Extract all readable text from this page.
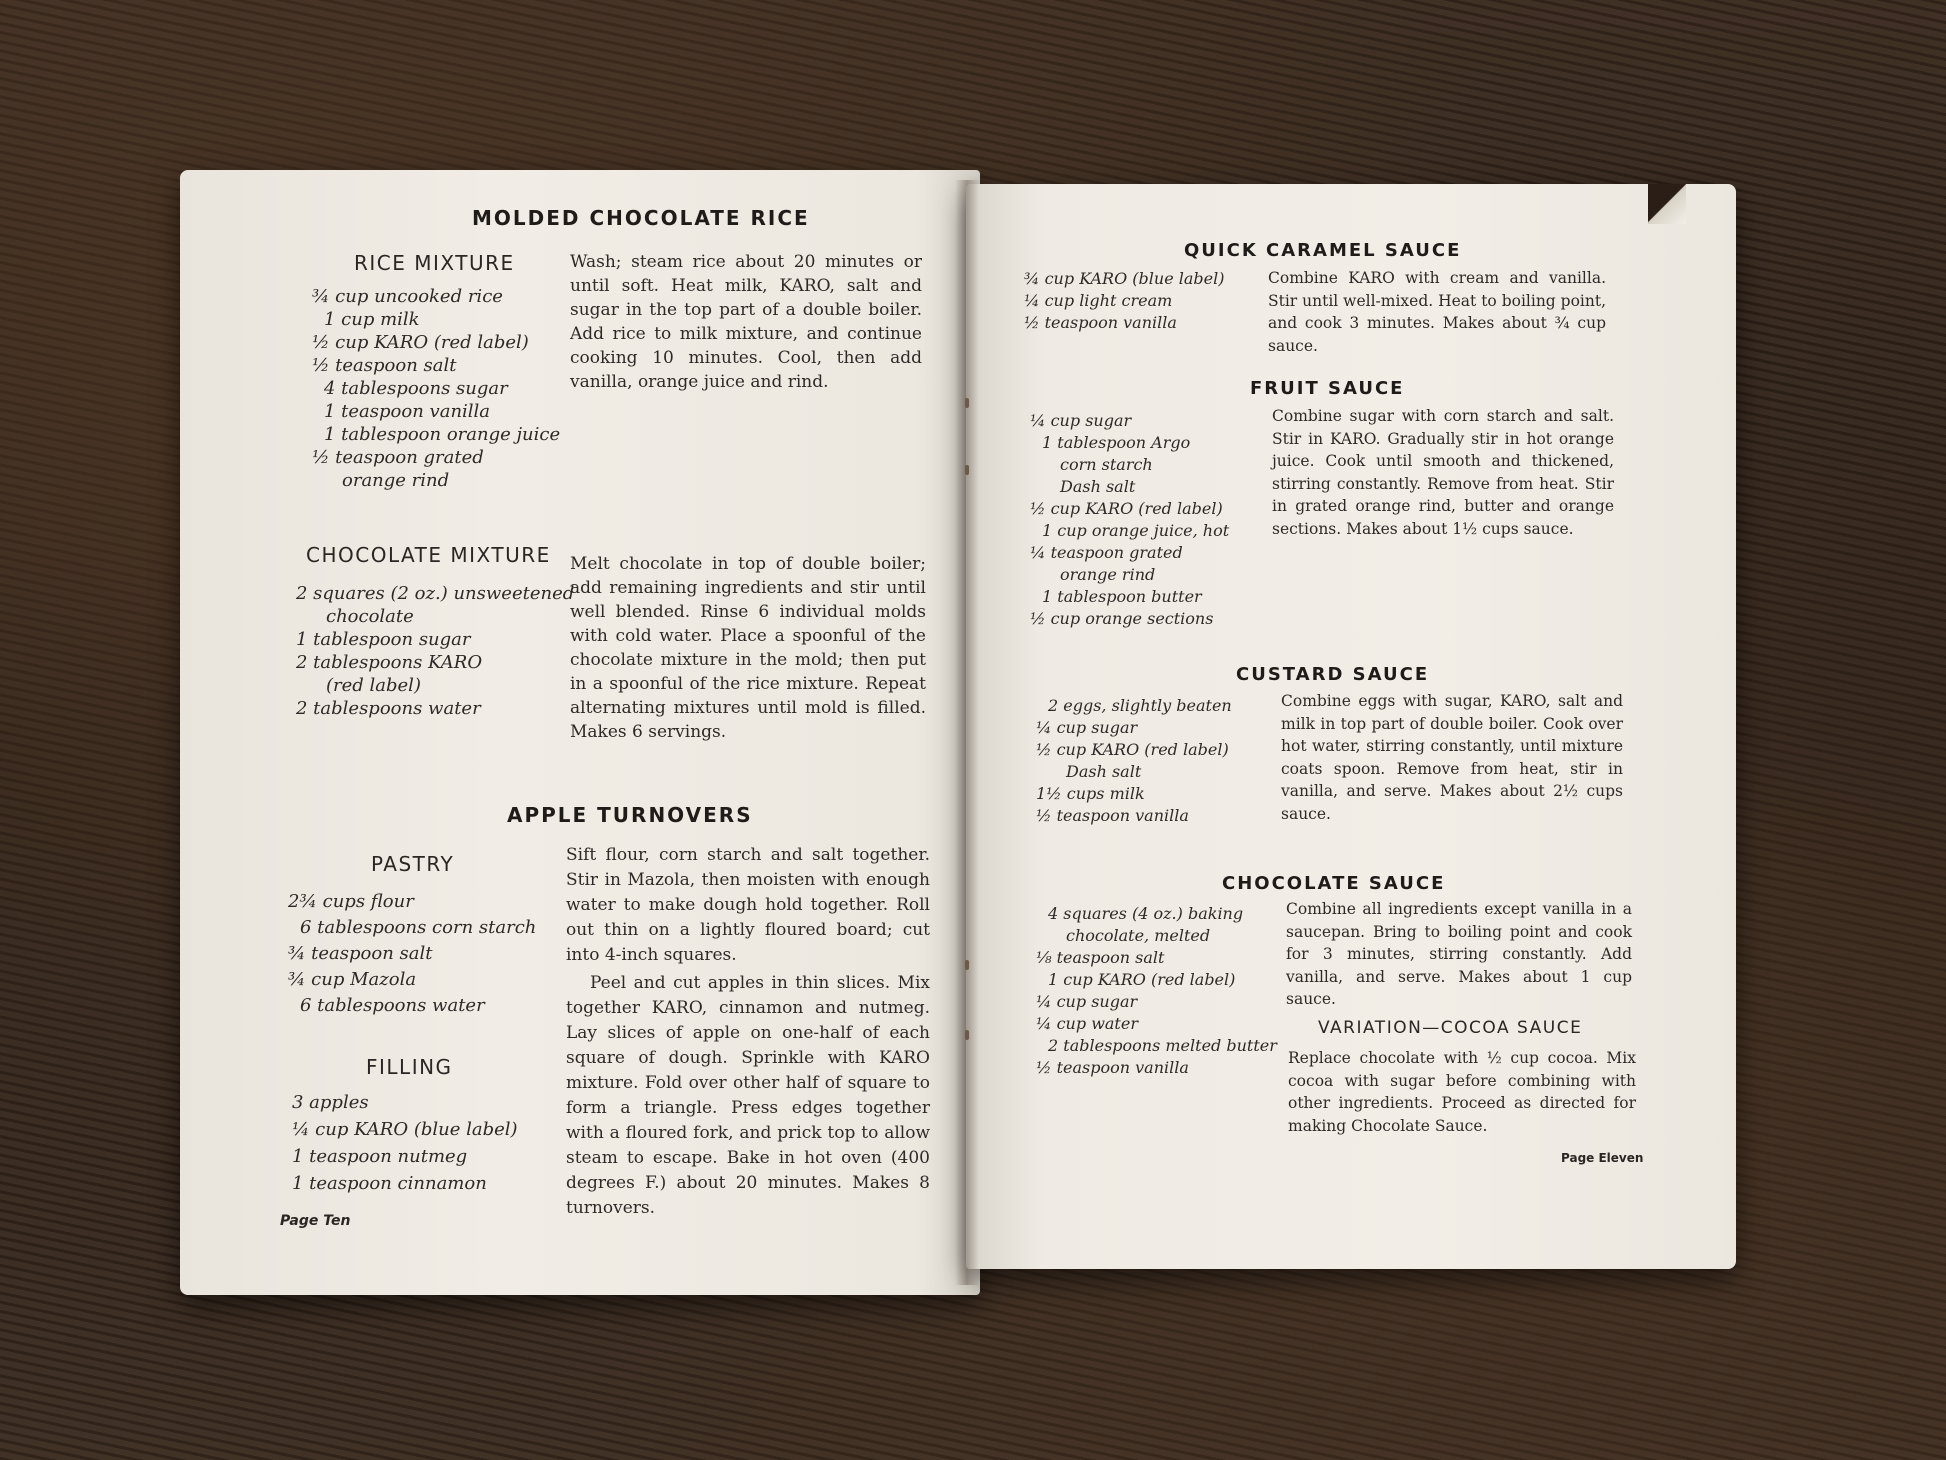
MOLDED CHOCOLATE RICE
RICE MIXTURE
¾ cup uncooked rice
1 cup milk
½ cup KARO (red label)
½ teaspoon salt
4 tablespoons sugar
1 teaspoon vanilla
1 tablespoon orange juice
½ teaspoon grated
orange rind

Wash; steam rice about 20 minutes or until soft. Heat milk, KARO, salt and sugar in the top part of a double boiler. Add rice to milk mixture, and continue cooking 10 minutes. Cool, then add vanilla, orange juice and rind.

CHOCOLATE MIXTURE
2 squares (2 oz.) unsweetened
chocolate
1 tablespoon sugar
2 tablespoons KARO
(red label)
2 tablespoons water

Melt chocolate in top of double boiler; add remaining ingredients and stir until well blended. Rinse 6 individual molds with cold water. Place a spoonful of the chocolate mixture in the mold; then put in a spoonful of the rice mixture. Repeat alternating mixtures until mold is filled. Makes 6 servings.

APPLE TURNOVERS
PASTRY
2¾ cups flour
6 tablespoons corn starch
¾ teaspoon salt
¾ cup Mazola
6 tablespoons water
FILLING
3 apples
¼ cup KARO (blue label)
1 teaspoon nutmeg
1 teaspoon cinnamon

Sift flour, corn starch and salt together. Stir in Mazola, then moisten with enough water to make dough hold together. Roll out thin on a lightly floured board; cut into 4-inch squares.

Peel and cut apples in thin slices. Mix together KARO, cinnamon and nutmeg. Lay slices of apple on one-half of each square of dough. Sprinkle with KARO mixture. Fold over other half of square to form a triangle. Press edges together with a floured fork, and prick top to allow steam to escape. Bake in hot oven (400 degrees F.) about 20 minutes. Makes 8 turnovers.

Page Ten
QUICK CARAMEL SAUCE
¾ cup KARO (blue label)
¼ cup light cream
½ teaspoon vanilla

Combine KARO with cream and vanilla. Stir until well-mixed. Heat to boiling point, and cook 3 minutes. Makes about ¾ cup sauce.

FRUIT SAUCE
¼ cup sugar
1 tablespoon Argo
corn starch
Dash salt
½ cup KARO (red label)
1 cup orange juice, hot
¼ teaspoon grated
orange rind
1 tablespoon butter
½ cup orange sections

Combine sugar with corn starch and salt. Stir in KARO. Gradually stir in hot orange juice. Cook until smooth and thickened, stirring constantly. Remove from heat. Stir in grated orange rind, butter and orange sections. Makes about 1½ cups sauce.

CUSTARD SAUCE
2 eggs, slightly beaten
¼ cup sugar
½ cup KARO (red label)
Dash salt
1½ cups milk
½ teaspoon vanilla

Combine eggs with sugar, KARO, salt and milk in top part of double boiler. Cook over hot water, stirring constantly, until mixture coats spoon. Remove from heat, stir in vanilla, and serve. Makes about 2½ cups sauce.

CHOCOLATE SAUCE
4 squares (4 oz.) baking
chocolate, melted
⅛ teaspoon salt
1 cup KARO (red label)
¼ cup sugar
¼ cup water
2 tablespoons melted butter
½ teaspoon vanilla

Combine all ingredients except vanilla in a saucepan. Bring to boiling point and cook for 3 minutes, stirring constantly. Add vanilla, and serve. Makes about 1 cup sauce.

VARIATION—COCOA SAUCE

Replace chocolate with ½ cup cocoa. Mix cocoa with sugar before combining with other ingredients. Proceed as directed for making Chocolate Sauce.

Page Eleven
